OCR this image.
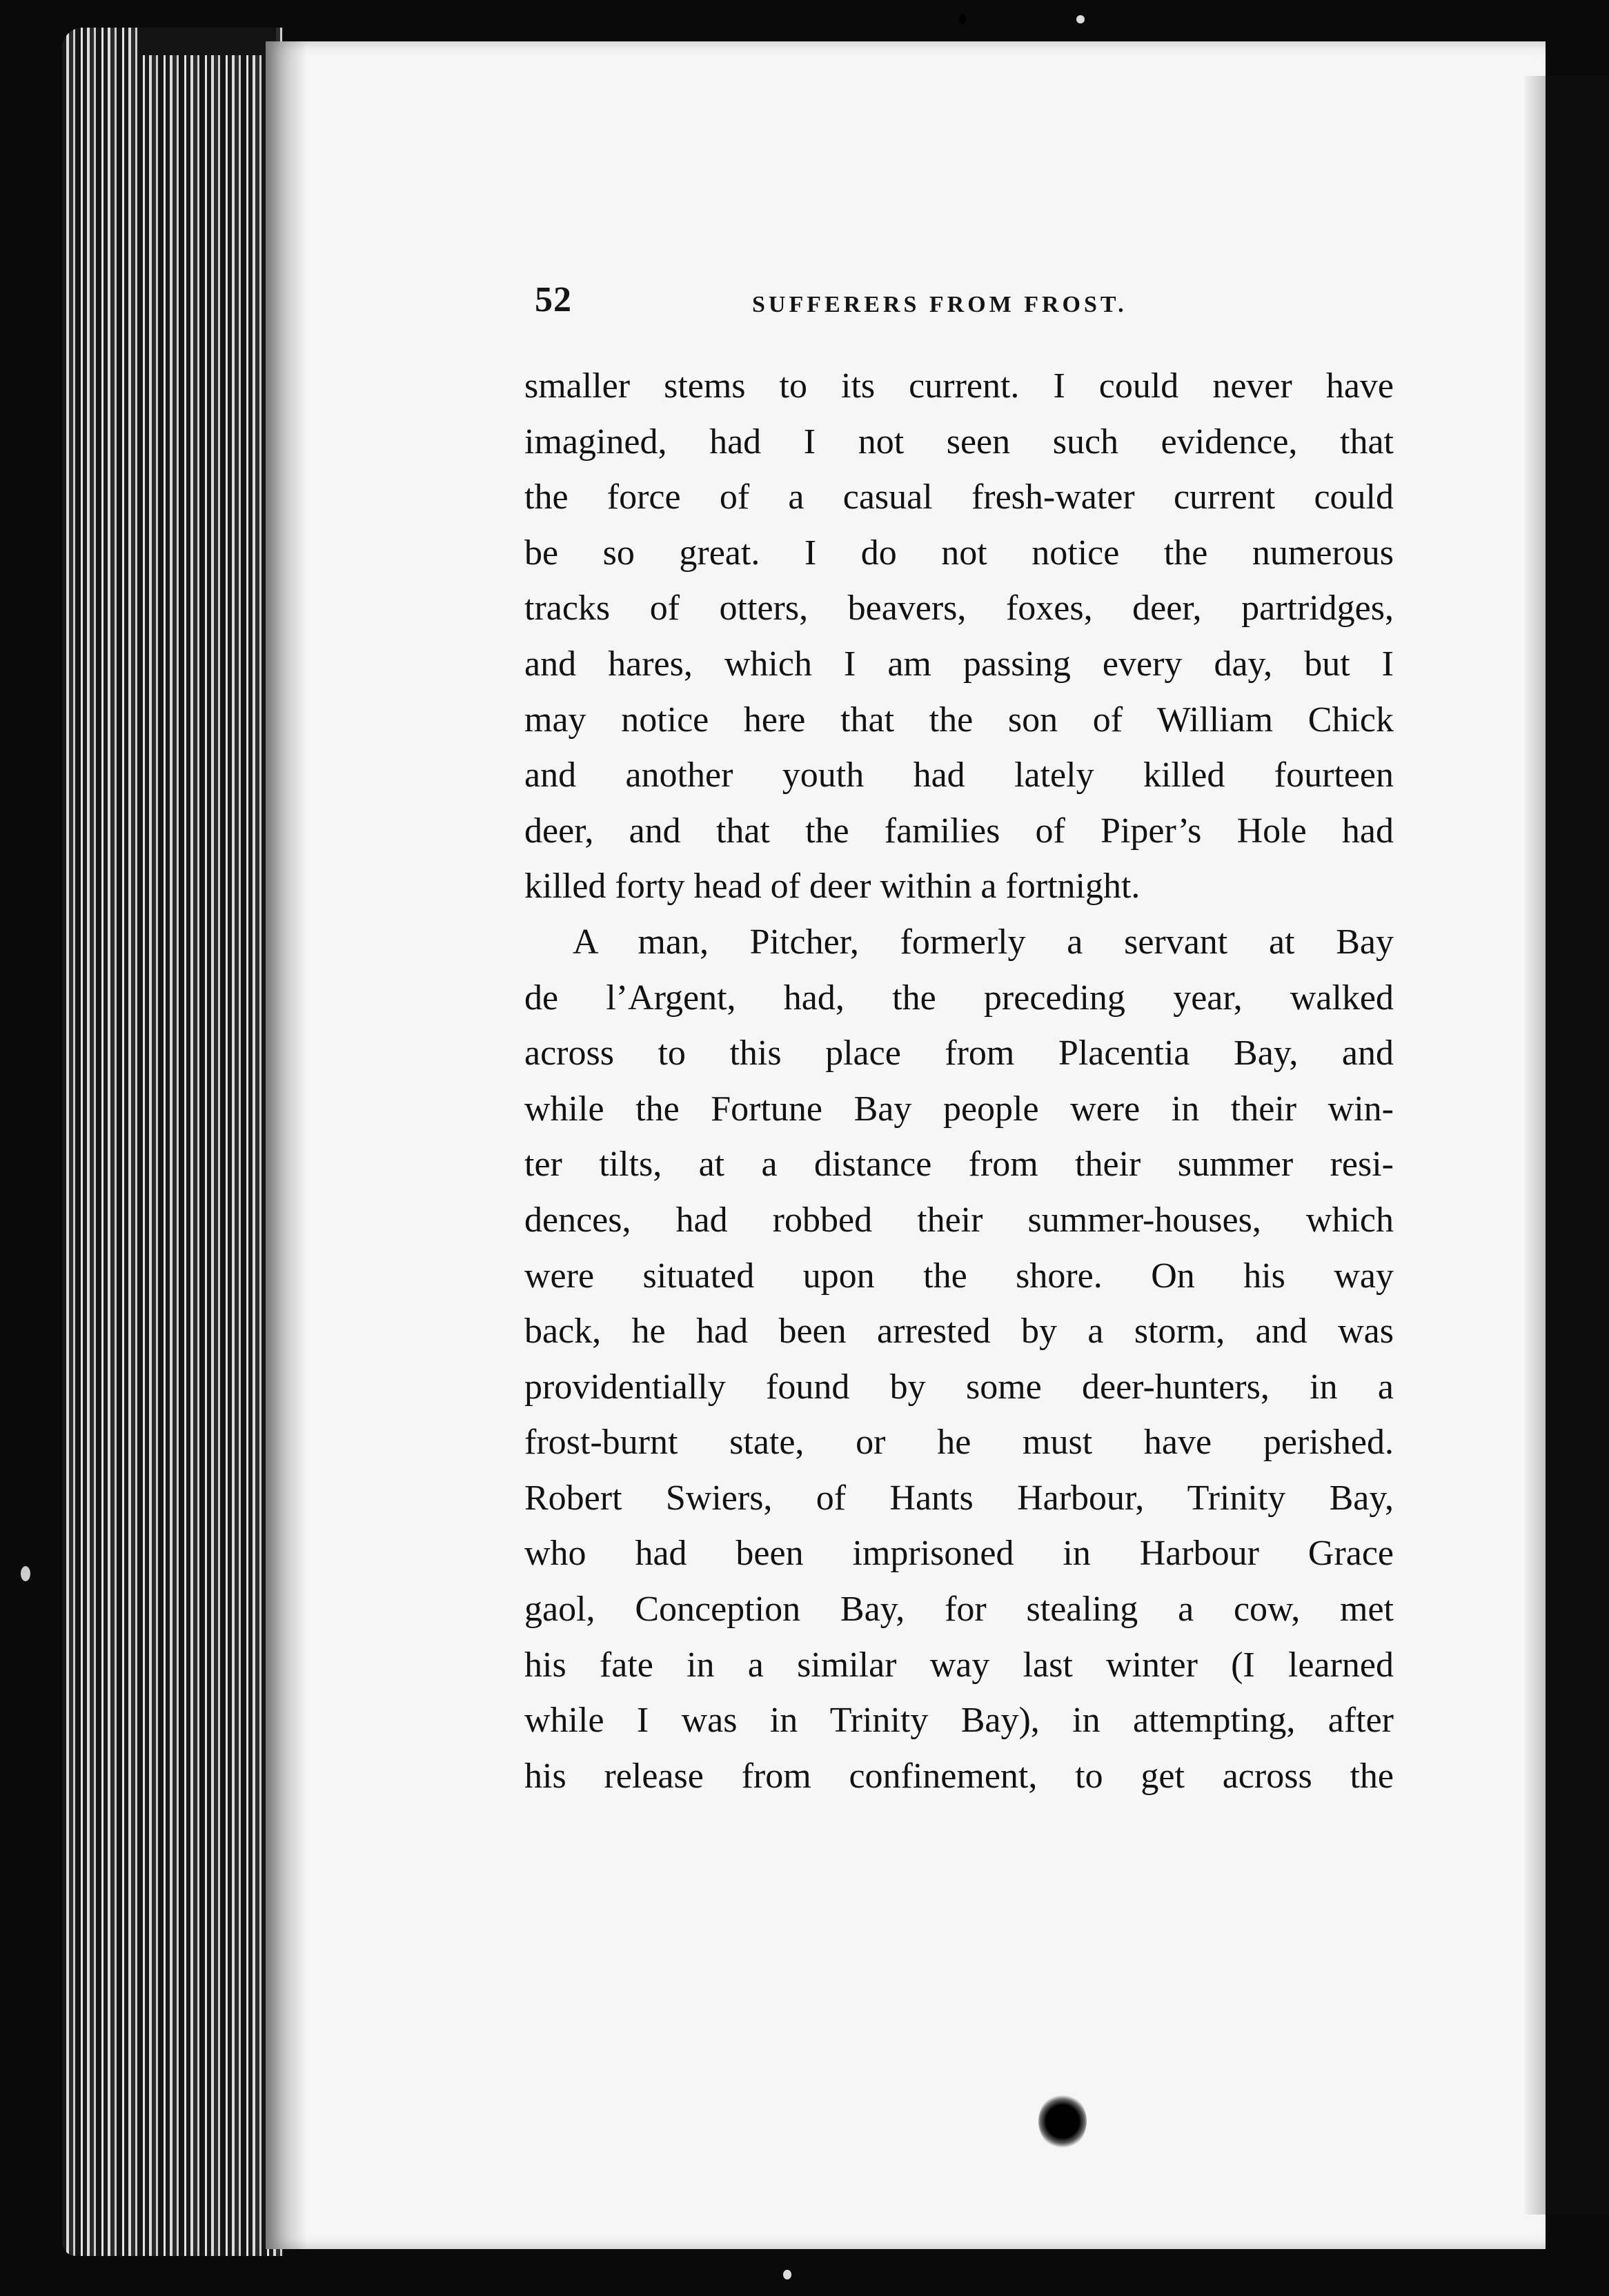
52	SUFFERERS FROM FROST.
smaller stems to its current. I could never have
imagined, had I not seen such evidence, that
the force of a casual fresh-water current could
be so great. I do not notice the numerous
tracks of otters, beavers, foxes, deer, partridges,
and hares, which I am passing every day, but I
may notice here that the son of William Chick
and another youth had lately killed fourteen
deer, and that the families of Piper’s Hole had
killed forty head of deer within a fortnight.
A man, Pitcher, formerly a servant at Bay
de l’Argent, had, the preceding year, walked
across to this place from Placentia Bay, and
while the Fortune Bay people were in their win-
ter tilts, at a distance from their summer resi-
dences, had robbed their summer-houses, which
were situated upon the shore. On his way
back, he had been arrested by a storm, and was
providentially found by some deer-hunters, in a
frost-burnt state, or he must have perished.
Robert Swiers, of Hants Harbour, Trinity Bay,
who had been imprisoned in Harbour Grace
gaol, Conception Bay, for stealing a cow, met
his fate in a similar way last winter (I learned
while I was in Trinity Bay), in attempting, after
his release from confinement, to get across the
